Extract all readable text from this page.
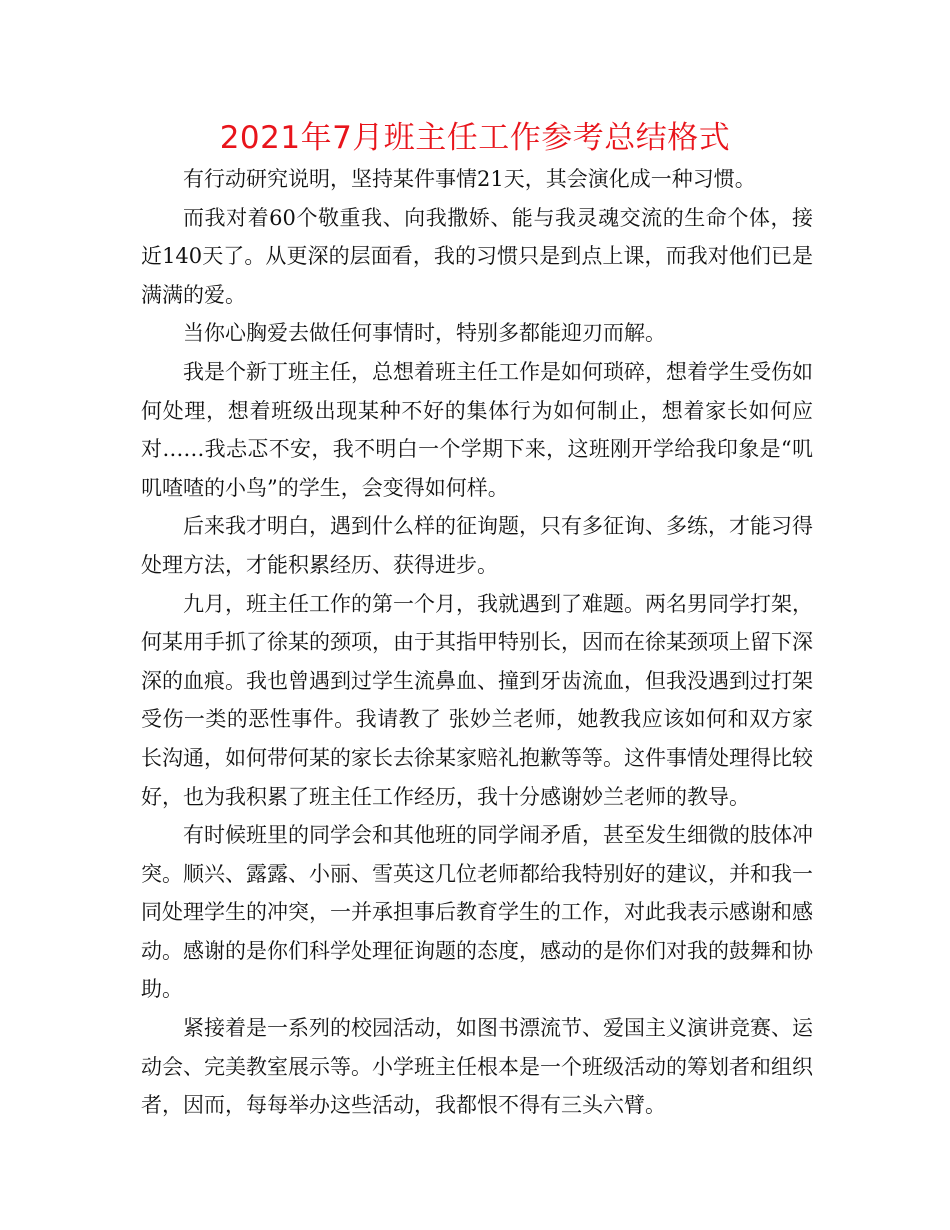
2021年7月班主任工作参考总结格式

有行动研究说明，坚持某件事情21天，其会演化成一种习惯。

而我对着60个敬重我、向我撒娇、能与我灵魂交流的生命个体，接近140天了。从更深的层面看，我的习惯只是到点上课，而我对他们已是满满的爱。

当你心胸爱去做任何事情时，特别多都能迎刃而解。

我是个新丁班主任，总想着班主任工作是如何琐碎，想着学生受伤如何处理，想着班级出现某种不好的集体行为如何制止，想着家长如何应对……我忐忑不安，我不明白一个学期下来，这班刚开学给我印象是“叽叽喳喳的小鸟”的学生，会变得如何样。

后来我才明白，遇到什么样的征询题，只有多征询、多练，才能习得处理方法，才能积累经历、获得进步。

九月，班主任工作的第一个月，我就遇到了难题。两名男同学打架，何某用手抓了徐某的颈项，由于其指甲特别长，因而在徐某颈项上留下深深的血痕。我也曾遇到过学生流鼻血、撞到牙齿流血，但我没遇到过打架受伤一类的恶性事件。我请教了 张妙兰老师，她教我应该如何和双方家长沟通，如何带何某的家长去徐某家赔礼抱歉等等。这件事情处理得比较好，也为我积累了班主任工作经历，我十分感谢妙兰老师的教导。

有时候班里的同学会和其他班的同学闹矛盾，甚至发生细微的肢体冲突。顺兴、露露、小丽、雪英这几位老师都给我特别好的建议，并和我一同处理学生的冲突，一并承担事后教育学生的工作，对此我表示感谢和感动。感谢的是你们科学处理征询题的态度，感动的是你们对我的鼓舞和协助。

紧接着是一系列的校园活动，如图书漂流节、爱国主义演讲竞赛、运动会、完美教室展示等。小学班主任根本是一个班级活动的筹划者和组织者，因而，每每举办这些活动，我都恨不得有三头六臂。
